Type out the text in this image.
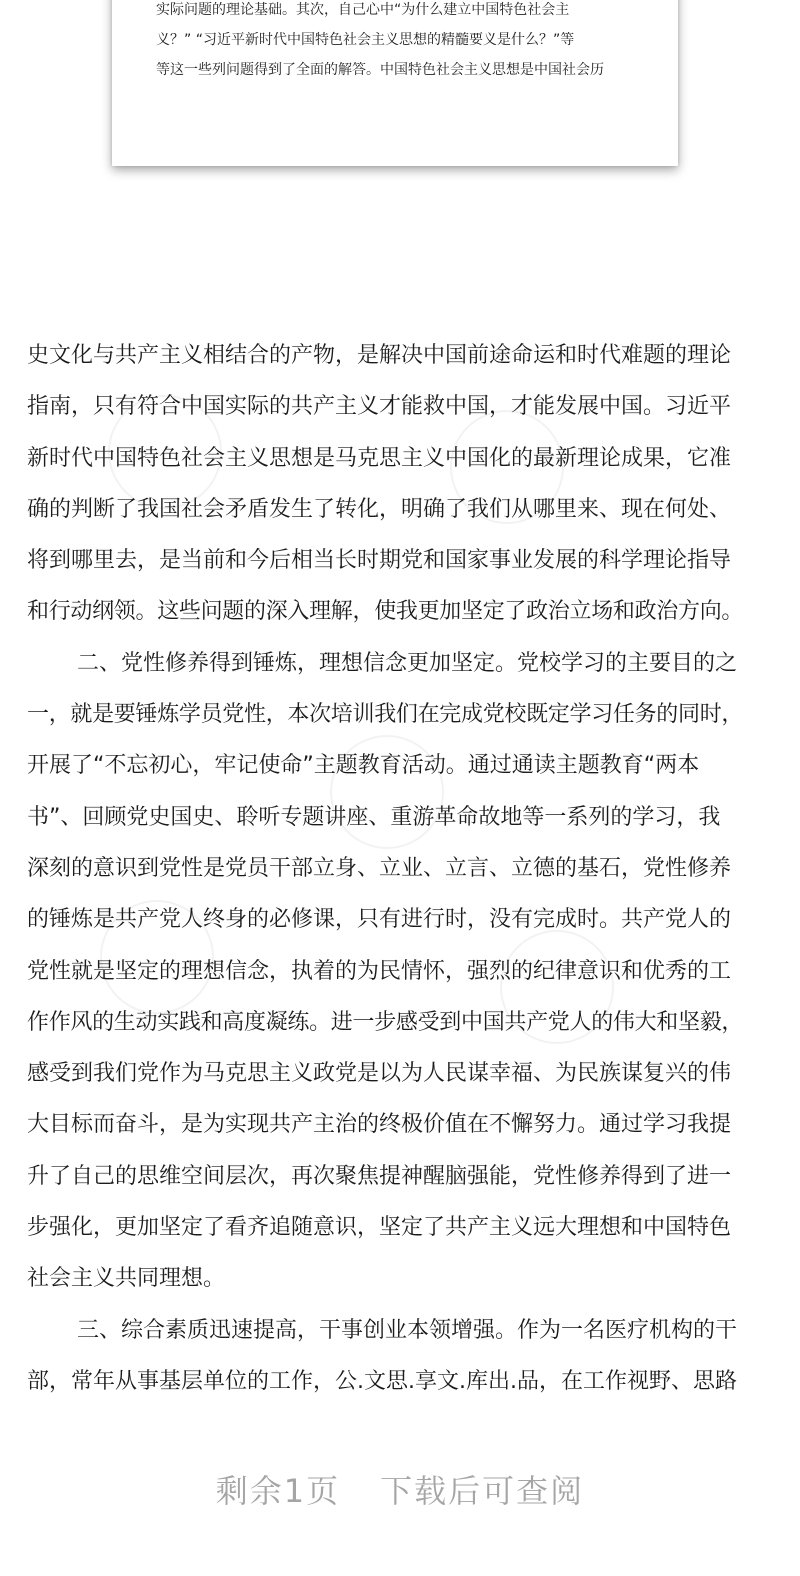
实际问题的理论基础。其次，自己心中“为什么建立中国特色社会主
义？” “习近平新时代中国特色社会主义思想的精髓要义是什么？”等
等这一些列问题得到了全面的解答。中国特色社会主义思想是中国社会历
史文化与共产主义相结合的产物，是解决中国前途命运和时代难题的理论
指南，只有符合中国实际的共产主义才能救中国，才能发展中国。习近平
新时代中国特色社会主义思想是马克思主义中国化的最新理论成果，它准
确的判断了我国社会矛盾发生了转化，明确了我们从哪里来、现在何处、
将到哪里去，是当前和今后相当长时期党和国家事业发展的科学理论指导
和行动纲领。这些问题的深入理解，使我更加坚定了政治立场和政治方向。
二、党性修养得到锤炼，理想信念更加坚定。党校学习的主要目的之
一，就是要锤炼学员党性，本次培训我们在完成党校既定学习任务的同时，
开展了“不忘初心，牢记使命”主题教育活动。通过通读主题教育“两本
书”、回顾党史国史、聆听专题讲座、重游革命故地等一系列的学习，我
深刻的意识到党性是党员干部立身、立业、立言、立德的基石，党性修养
的锤炼是共产党人终身的必修课，只有进行时，没有完成时。共产党人的
党性就是坚定的理想信念，执着的为民情怀，强烈的纪律意识和优秀的工
作作风的生动实践和高度凝练。进一步感受到中国共产党人的伟大和坚毅，
感受到我们党作为马克思主义政党是以为人民谋幸福、为民族谋复兴的伟
大目标而奋斗，是为实现共产主治的终极价值在不懈努力。通过学习我提
升了自己的思维空间层次，再次聚焦提神醒脑强能，党性修养得到了进一
步强化，更加坚定了看齐追随意识，坚定了共产主义远大理想和中国特色
社会主义共同理想。
三、综合素质迅速提高，干事创业本领增强。作为一名医疗机构的干
部，常年从事基层单位的工作，公.文思.享文.库出.品，在工作视野、思路
剩余1页 下载后可查阅
